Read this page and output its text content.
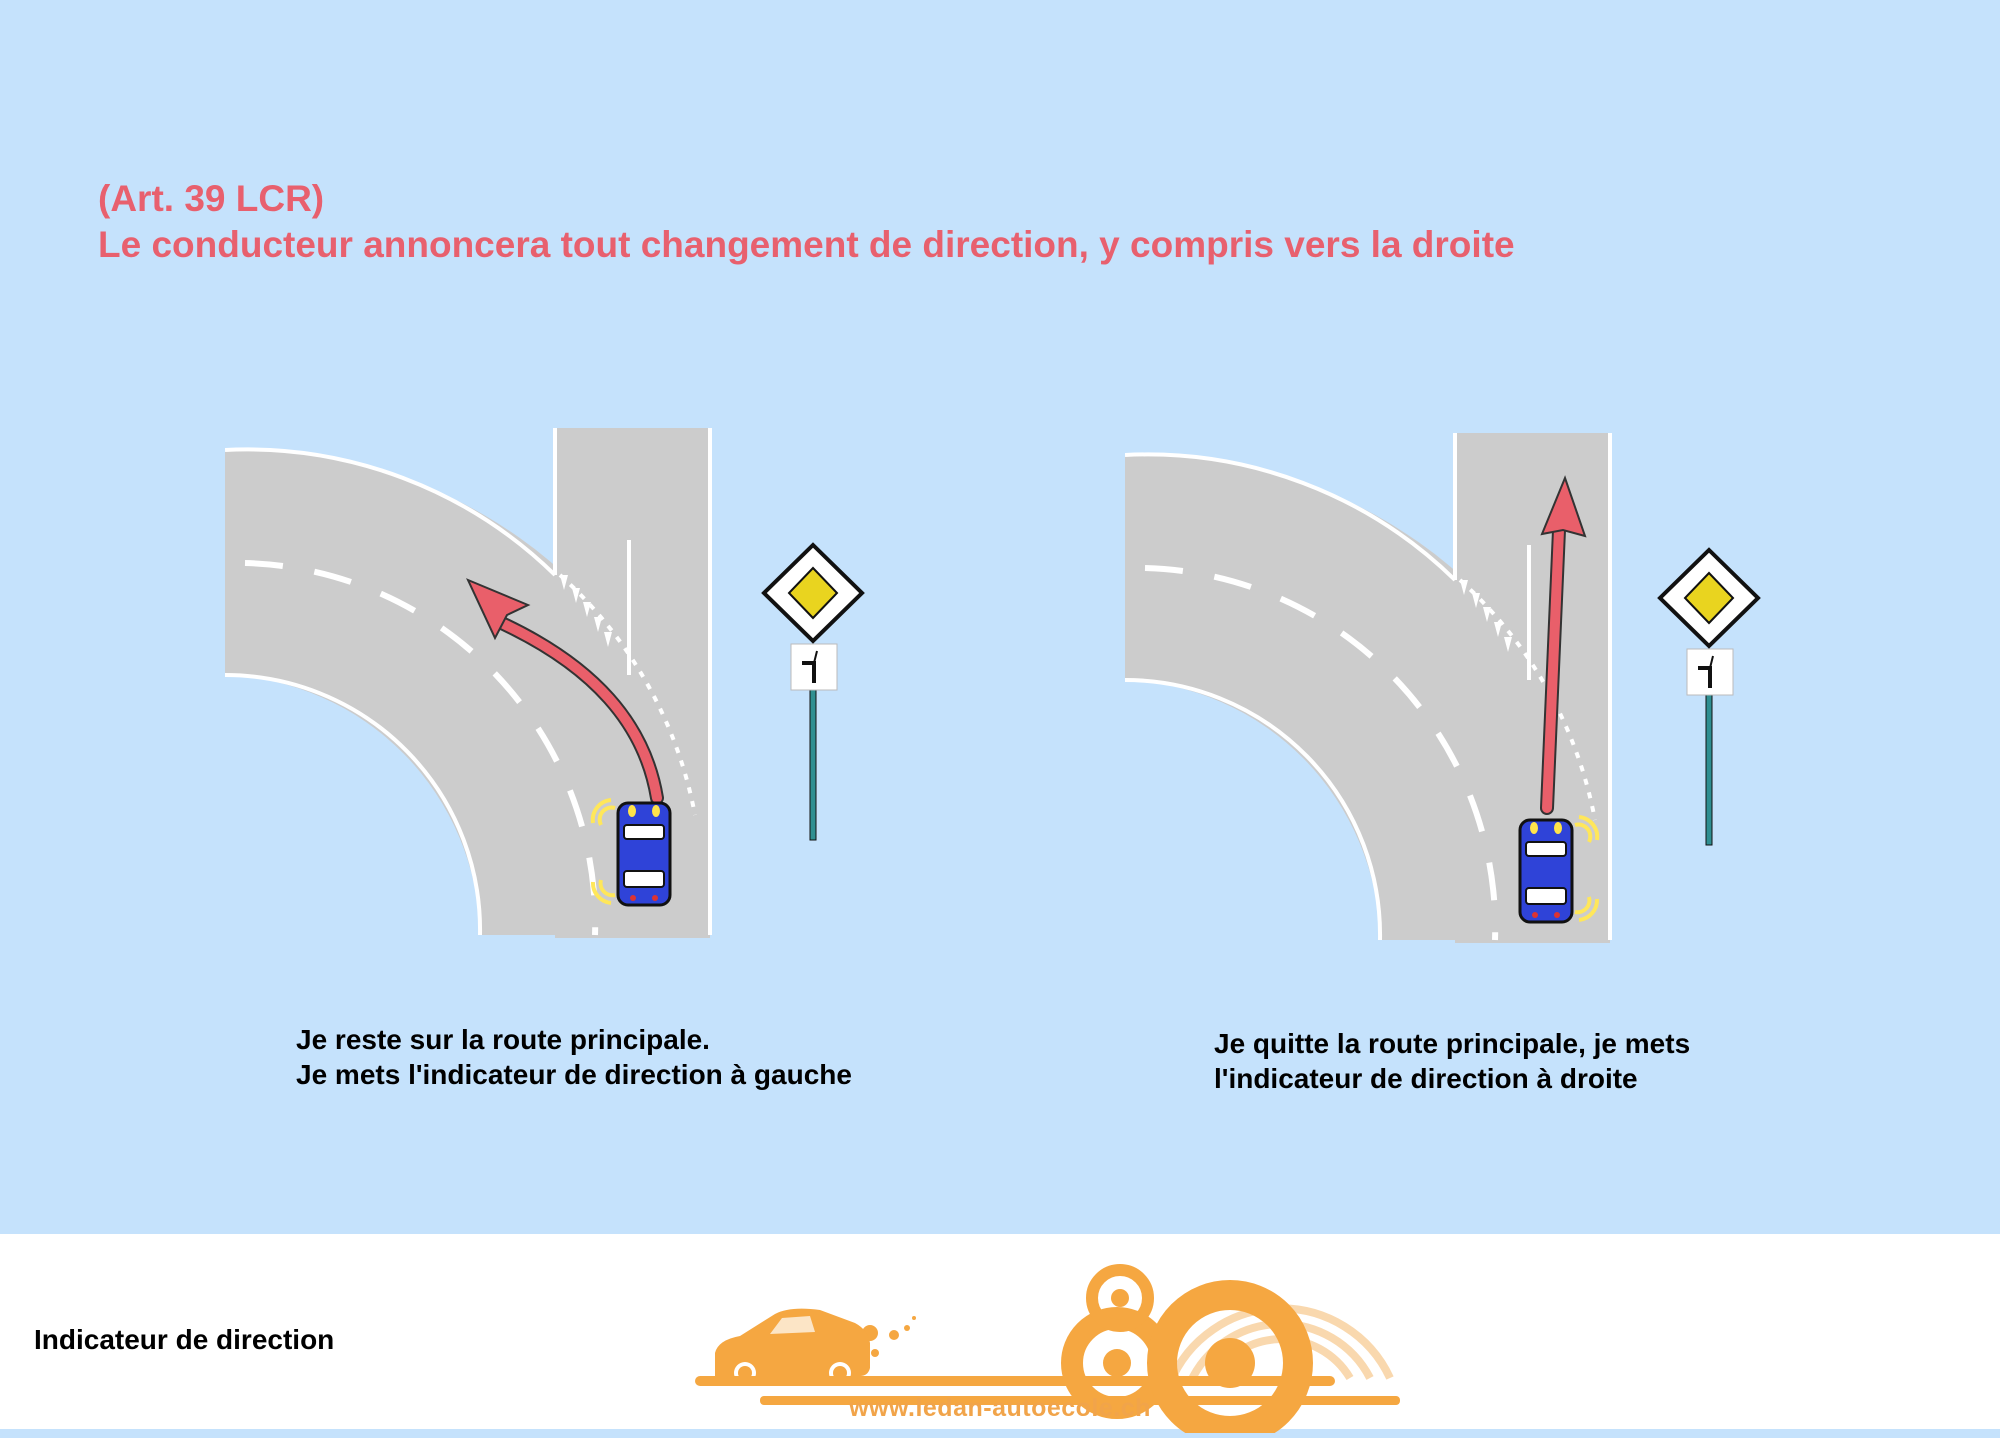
(Art. 39 LCR)
Le conducteur annoncera tout changement de direction, y compris vers la droite
Je reste sur la route principale.
Je mets l'indicateur de direction à gauche
Je quitte la route principale, je mets
l'indicateur de direction à droite
Indicateur de direction
www.ledan-autoecole.ch
